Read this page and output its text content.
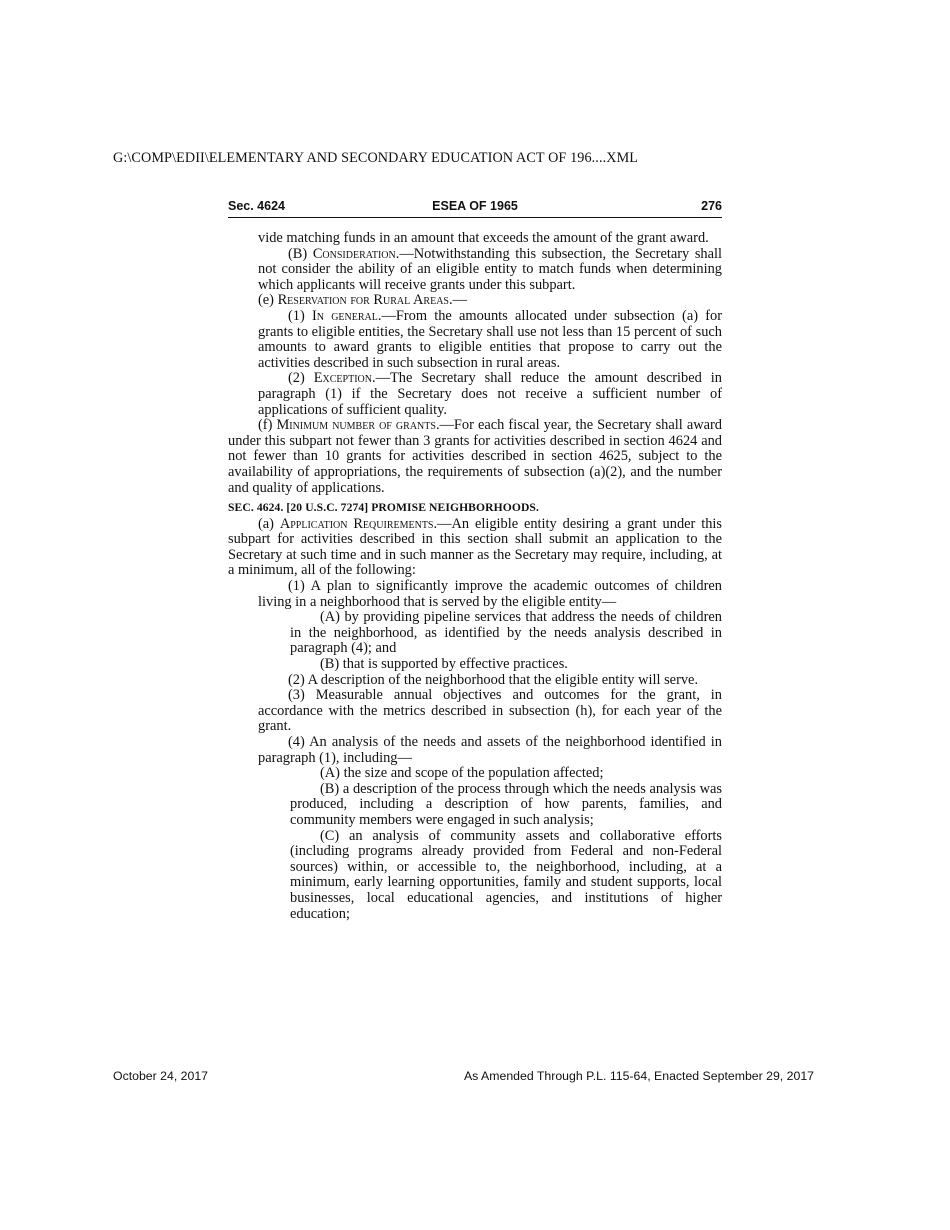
G:\COMP\EDII\ELEMENTARY AND SECONDARY EDUCATION ACT OF 196....XML
Sec. 4624	ESEA OF 1965	276

vide matching funds in an amount that exceeds the amount of the grant award.

(B) Consideration.—Notwithstanding this subsection, the Secretary shall not consider the ability of an eligible entity to match funds when determining which applicants will receive grants under this subpart.

(e) Reservation for Rural Areas.—

(1) In general.—From the amounts allocated under subsection (a) for grants to eligible entities, the Secretary shall use not less than 15 percent of such amounts to award grants to eligible entities that propose to carry out the activities described in such subsection in rural areas.

(2) Exception.—The Secretary shall reduce the amount described in paragraph (1) if the Secretary does not receive a sufficient number of applications of sufficient quality.

(f) Minimum number of grants.—For each fiscal year, the Secretary shall award under this subpart not fewer than 3 grants for activities described in section 4624 and not fewer than 10 grants for activities described in section 4625, subject to the availability of appropriations, the requirements of subsection (a)(2), and the number and quality of applications.

SEC. 4624. [20 U.S.C. 7274] PROMISE NEIGHBORHOODS.

(a) Application Requirements.—An eligible entity desiring a grant under this subpart for activities described in this section shall submit an application to the Secretary at such time and in such manner as the Secretary may require, including, at a minimum, all of the following:

(1) A plan to significantly improve the academic outcomes of children living in a neighborhood that is served by the eligible entity—

(A) by providing pipeline services that address the needs of children in the neighborhood, as identified by the needs analysis described in paragraph (4); and

(B) that is supported by effective practices.

(2) A description of the neighborhood that the eligible entity will serve.

(3) Measurable annual objectives and outcomes for the grant, in accordance with the metrics described in subsection (h), for each year of the grant.

(4) An analysis of the needs and assets of the neighborhood identified in paragraph (1), including—

(A) the size and scope of the population affected;

(B) a description of the process through which the needs analysis was produced, including a description of how parents, families, and community members were engaged in such analysis;

(C) an analysis of community assets and collaborative efforts (including programs already provided from Federal and non-Federal sources) within, or accessible to, the neighborhood, including, at a minimum, early learning opportunities, family and student supports, local businesses, local educational agencies, and institutions of higher education;

October 24, 2017	As Amended Through P.L. 115-64, Enacted September 29, 2017
